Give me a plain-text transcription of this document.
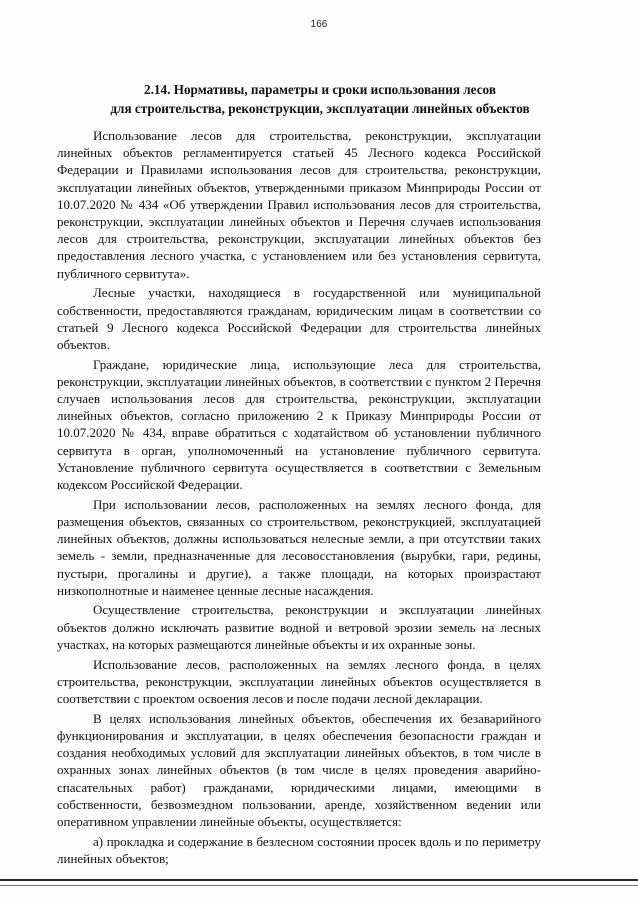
166
2.14. Нормативы, параметры и сроки использования лесов
для строительства, реконструкции, эксплуатации линейных объектов

Использование лесов для строительства, реконструкции, эксплуатации линейных объектов регламентируется статьей 45 Лесного кодекса Российской Федерации и Правилами использования лесов для строительства, реконструкции, эксплуатации линейных объектов, утвержденными приказом Минприроды России от 10.07.2020 № 434 «Об утверждении Правил использования лесов для строительства, реконструкции, эксплуатации линейных объектов и Перечня случаев использования лесов для строительства, реконструкции, эксплуатации линейных объектов без предоставления лесного участка, с установлением или без установления сервитута, публичного сервитута».

Лесные участки, находящиеся в государственной или муниципальной собственности, предоставляются гражданам, юридическим лицам в соответствии со статьей 9 Лесного кодекса Российской Федерации для строительства линейных объектов.

Граждане, юридические лица, использующие леса для строительства, реконструкции, эксплуатации линейных объектов, в соответствии с пунктом 2 Перечня случаев использования лесов для строительства, реконструкции, эксплуатации линейных объектов, согласно приложению 2 к Приказу Минприроды России от 10.07.2020 № 434, вправе обратиться с ходатайством об установлении публичного сервитута в орган, уполномоченный на установление публичного сервитута. Установление публичного сервитута осуществляется в соответствии с Земельным кодексом Российской Федерации.

При использовании лесов, расположенных на землях лесного фонда, для размещения объектов, связанных со строительством, реконструкцией, эксплуатацией линейных объектов, должны использоваться нелесные земли, а при отсутствии таких земель - земли, предназначенные для лесовосстановления (вырубки, гари, редины, пустыри, прогалины и другие), а также площади, на которых произрастают низкополнотные и наименее ценные лесные насаждения.

Осуществление строительства, реконструкции и эксплуатации линейных объектов должно исключать развитие водной и ветровой эрозии земель на лесных участках, на которых размещаются линейные объекты и их охранные зоны.

Использование лесов, расположенных на землях лесного фонда, в целях строительства, реконструкции, эксплуатации линейных объектов осуществляется в соответствии с проектом освоения лесов и после подачи лесной декларации.

В целях использования линейных объектов, обеспечения их безаварийного функционирования и эксплуатации, в целях обеспечения безопасности граждан и создания необходимых условий для эксплуатации линейных объектов, в том числе в охранных зонах линейных объектов (в том числе в целях проведения аварийно-спасательных работ) гражданами, юридическими лицами, имеющими в собственности, безвозмездном пользовании, аренде, хозяйственном ведении или оперативном управлении линейные объекты, осуществляется:

а) прокладка и содержание в безлесном состоянии просек вдоль и по периметру линейных объектов;
